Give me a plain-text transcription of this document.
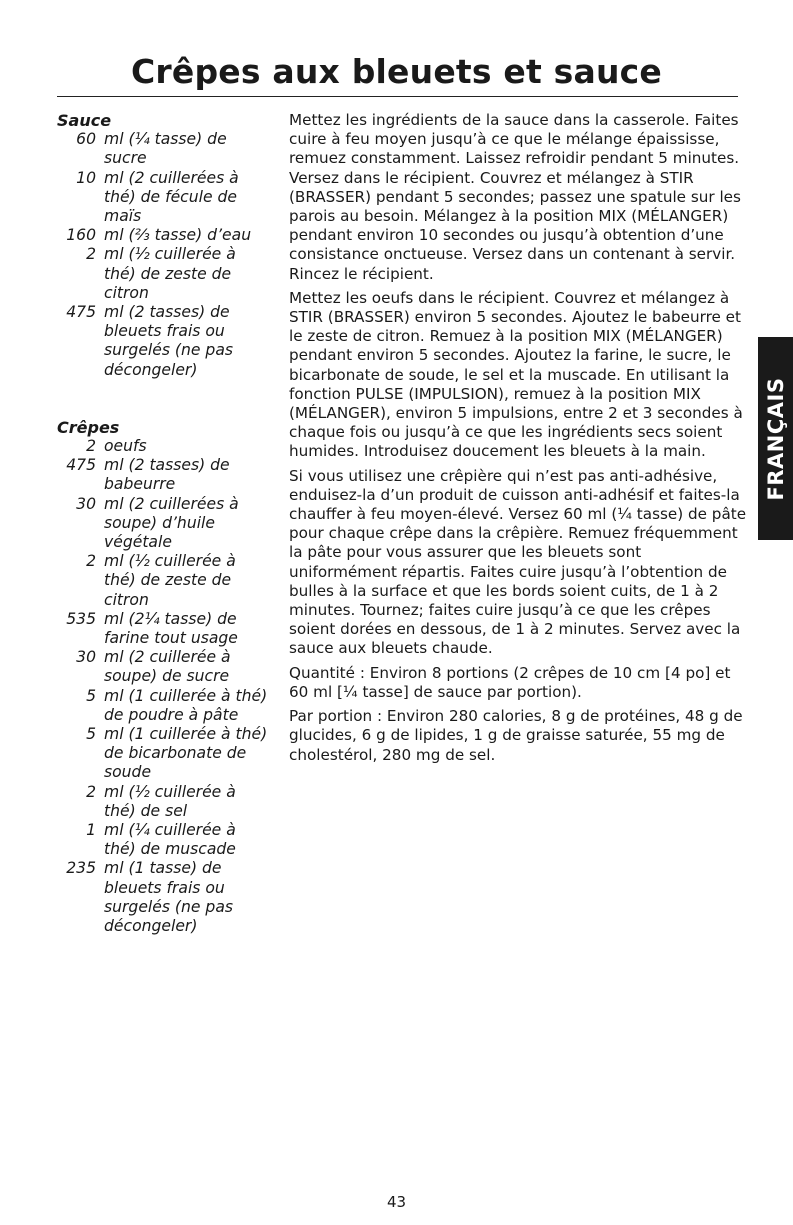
Crêpes aux bleuets et sauce
FRANÇAIS
Sauce
60 ml (¼ tasse) de sucre
10 ml (2 cuillerées à thé) de fécule de maïs
160 ml (⅔ tasse) d’eau
2 ml (½ cuillerée à thé) de zeste de citron
475 ml (2 tasses) de bleuets frais ou surgelés (ne pas décongeler)
Crêpes
2 oeufs
475 ml (2 tasses) de babeurre
30 ml (2 cuillerées à soupe) d’huile végétale
2 ml (½ cuillerée à thé) de zeste de citron
535 ml (2¼ tasse) de farine tout usage
30 ml (2 cuillerée à soupe) de sucre
5 ml (1 cuillerée à thé) de poudre à pâte
5 ml (1 cuillerée à thé) de bicarbonate de soude
2 ml (½ cuillerée à thé) de sel
1 ml (¼ cuillerée à thé) de muscade
235 ml (1 tasse) de bleuets frais ou surgelés (ne pas décongeler)

Mettez les ingrédients de la sauce dans la casserole. Faites cuire à feu moyen jusqu’à ce que le mélange épaississe, remuez constamment. Laissez refroidir pendant 5 minutes. Versez dans le récipient. Couvrez et mélangez à STIR (BRASSER) pendant 5 secondes; passez une spatule sur les parois au besoin. Mélangez à la position MIX (MÉLANGER) pendant environ 10 secondes ou jusqu’à obtention d’une consistance onctueuse. Versez dans un contenant à servir. Rincez le récipient.

Mettez les oeufs dans le récipient. Couvrez et mélangez à STIR (BRASSER) environ 5 secondes. Ajoutez le babeurre et le zeste de citron. Remuez à la position MIX (MÉLANGER) pendant environ 5 secondes. Ajoutez la farine, le sucre, le bicarbonate de soude, le sel et la muscade. En utilisant la fonction PULSE (IMPULSION), remuez à la position MIX (MÉLANGER), environ 5 impulsions, entre 2 et 3 secondes à chaque fois ou jusqu’à ce que les ingrédients secs soient humides. Introduisez doucement les bleuets à la main.

Si vous utilisez une crêpière qui n’est pas anti-adhésive, enduisez-la d’un produit de cuisson anti-adhésif et faites-la chauffer à feu moyen-élevé. Versez 60 ml (¼ tasse) de pâte pour chaque crêpe dans la crêpière. Remuez fréquemment la pâte pour vous assurer que les bleuets sont uniformément répartis. Faites cuire jusqu’à l’obtention de bulles à la surface et que les bords soient cuits, de 1 à 2 minutes. Tournez; faites cuire jusqu’à ce que les crêpes soient dorées en dessous, de 1 à 2 minutes. Servez avec la sauce aux bleuets chaude.

Quantité : Environ 8 portions (2 crêpes de 10 cm [4 po] et 60 ml [¼ tasse] de sauce par portion).

Par portion : Environ 280 calories, 8 g de protéines, 48 g de glucides, 6 g de lipides, 1 g de graisse saturée, 55 mg de cholestérol, 280 mg de sel.

43
